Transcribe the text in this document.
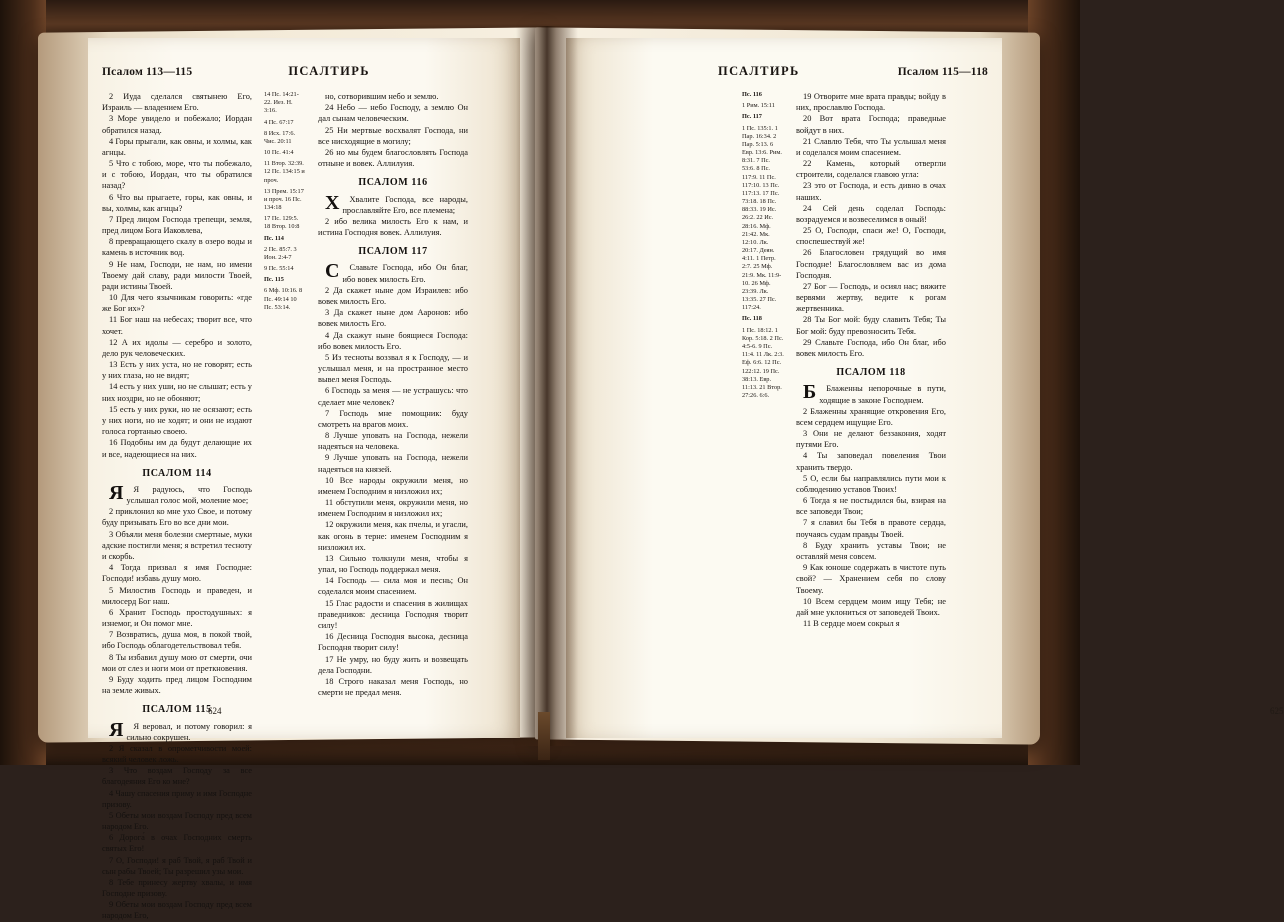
Псалом 113—115	ПСАЛТИРЬ

2 Иуда сделался святынею Его, Израиль — владением Его.

3 Море увидело и побежало; Иордан обратился назад.

4 Горы прыгали, как овны, и холмы, как агнцы.

5 Что с тобою, море, что ты побежало, и с тобою, Иордан, что ты обратился назад?

6 Что вы прыгаете, горы, как овны, и вы, холмы, как агнцы?

7 Пред лицом Господа трепещи, земля, пред лицом Бога Иаковлева,

8 превращающего скалу в озеро воды и камень в источник вод.

9 Не нам, Господи, не нам, но имени Твоему дай славу, ради милости Твоей, ради истины Твоей.

10 Для чего язычникам говорить: «где же Бог их»?

11 Бог наш на небесах; творит все, что хочет.

12 А их идолы — серебро и золото, дело рук человеческих.

13 Есть у них уста, но не говорят; есть у них глаза, но не видят;

14 есть у них уши, но не слышат; есть у них ноздри, но не обоняют;

15 есть у них руки, но не осязают; есть у них ноги, но не ходят; и они не издают голоса гортанью своею.

16 Подобны им да будут делающие их и все, надеющиеся на них.

ПСАЛОМ 114

Я Я радуюсь, что Господь услышал голос мой, моление мое;

2 приклонил ко мне ухо Свое, и потому буду призывать Его во все дни мои.

3 Объяли меня болезни смертные, муки адские постигли меня; я встретил тесноту и скорбь.

4 Тогда призвал я имя Господне: Господи! избавь душу мою.

5 Милостив Господь и праведен, и милосерд Бог наш.

6 Хранит Господь простодушных: я изнемог, и Он помог мне.

7 Возвратись, душа моя, в покой твой, ибо Господь облагодетельствовал тебя.

8 Ты избавил душу мою от смерти, очи мои от слез и ноги мои от преткновения.

9 Буду ходить пред лицом Господним на земле живых.

ПСАЛОМ 115

Я Я веровал, и потому говорил: я сильно сокрушен.

2 Я сказал в опрометчивости моей: всякий человек ложь.

3 Что воздам Господу за все благодеяния Его ко мне?

4 Чашу спасения приму и имя Господне призову.

5 Обеты мои воздам Господу пред всем народом Его.

6 Дорога́ в очах Господних смерть святых Его!

7 О, Господи! я раб Твой, я раб Твой и сын рабы Твоей; Ты разрешил узы мои.

8 Тебе принесу жертву хвалы, и имя Господне призову.

9 Обеты мои воздам Господу пред всем народом Его,

14 Пс. 14:21-22. Иез. Н. 3:16.
4 Пс. 67:17
8 Исх. 17:6. Чис. 20:11
10 Пс. 41:4
11 Втор. 32:39. 12 Пс. 134:15 и проч.
13 Прем. 15:17 и проч. 16 Пс. 134:18
17 Пс. 129:5. 18 Втор. 10:8
Пс. 114
2 Пс. 85:7. 3 Ион. 2:4-7
9 Пс. 55:14
Пс. 115
6 Мф. 10:16. 8 Пс. 49:14 10 Пс. 53:14.

но, сотворившим небо и землю.

24 Небо — небо Господу, а землю Он дал сынам человеческим.

25 Ни мертвые восхвалят Господа, ни все нисходящие в могилу;

26 но мы будем благословлять Господа отныне и вовек. Аллилуия.

ПСАЛОМ 116

Х Хвалите Господа, все народы, прославляйте Его, все племена;

2 ибо велика милость Его к нам, и истина Господня вовек. Аллилуия.

ПСАЛОМ 117

С Славьте Господа, ибо Он благ, ибо вовек милость Его.

2 Да скажет ныне дом Израилев: ибо вовек милость Его.

3 Да скажет ныне дом Ааронов: ибо вовек милость Его.

4 Да скажут ныне боящиеся Господа: ибо вовек милость Его.

5 Из тесноты воззвал я к Господу, — и услышал меня, и на пространное место вывел меня Господь.

6 Господь за меня — не устрашусь: что сделает мне человек?

7 Господь мне помощник: буду смотреть на врагов моих.

8 Лучше уповать на Господа, нежели надеяться на человека.

9 Лучше уповать на Господа, нежели надеяться на князей.

10 Все народы окружили меня, но именем Господним я низложил их;

11 обступили меня, окружили меня, но именем Господним я низложил их;

12 окружили меня, как пчелы, и угасли, как огонь в терне: именем Господним я низложил их.

13 Сильно толкнули меня, чтобы я упал, но Господь поддержал меня.

14 Господь — сила моя и песнь; Он соделался моим спасением.

15 Глас радости и спасения в жилищах праведников: десница Господня творит силу!

16 Десница Господня высока, десница Господня творит силу!

17 Не умру, но буду жить и возвещать дела Господни.

18 Строго наказал меня Господь, но смерти не предал меня.

624
ПСАЛТИРЬ	Псалом 115—118
Пс. 116
1 Рим. 15:11
Пс. 117
1 Пс. 135:1. 1 Пар. 16:34. 2 Пар. 5:13. 6 Евр. 13:6. Рим. 8:31. 7 Пс. 53:6. 8 Пс. 117:9. 11 Пс. 117:10. 13 Пс. 117:13. 17 Пс. 73:18. 18 Пс. 88:33. 19 Ис. 26:2. 22 Ис. 28:16. Мф. 21:42. Мк. 12:10. Лк. 20:17. Деян. 4:11. 1 Петр. 2:7. 25 Мф. 21:9. Мк. 11:9-10. 26 Мф. 23:39. Лк. 13:35. 27 Пс. 117:24.
Пс. 118
1 Пс. 18:12. 1 Кор. 5:18. 2 Пс. 4:5-6. 9 Пс. 11:4. 11 Лк. 2:3. Еф. 6:6. 12 Пс. 122:12. 19 Пс. 38:13. Евр. 11:13. 21 Втор. 27:26. 6:6.

19 Отворите мне врата правды; войду в них, прославлю Господа.

20 Вот врата Господа; праведные войдут в них.

21 Славлю Тебя, что Ты услышал меня и соделался моим спасением.

22 Камень, который отвергли строители, соделался главою угла:

23 это от Господа, и есть дивно в очах наших.

24 Сей день соделал Господь: возрадуемся и возвеселимся в оный!

25 О, Господи, спаси же! О, Господи, споспешествуй же!

26 Благословен грядущий во имя Господне! Благословляем вас из дома Господня.

27 Бог — Господь, и осиял нас; вяжите вервями жертву, ведите к рогам жертвенника.

28 Ты Бог мой: буду славить Тебя; Ты Бог мой: буду превозносить Тебя.

29 Славьте Господа, ибо Он благ, ибо вовек милость Его.

ПСАЛОМ 118

Б Блаженны непорочные в пути, ходящие в законе Господнем.

2 Блаженны хранящие откровения Его, всем сердцем ищущие Его.

3 Они не делают беззакония, ходят путями Его.

4 Ты заповедал повеления Твои хранить твердо.

5 О, если бы направлялись пути мои к соблюдению уставов Твоих!

6 Тогда я не постыдился бы, взирая на все заповеди Твои;

7 я славил бы Тебя в правоте сердца, поучаясь судам правды Твоей.

8 Буду хранить уставы Твои; не оставляй меня совсем.

9 Как юноше содержать в чистоте путь свой? — Хранением себя по слову Твоему.

10 Всем сердцем моим ищу Тебя; не дай мне уклониться от заповедей Твоих.

11 В сердце моем сокрыл я

625
